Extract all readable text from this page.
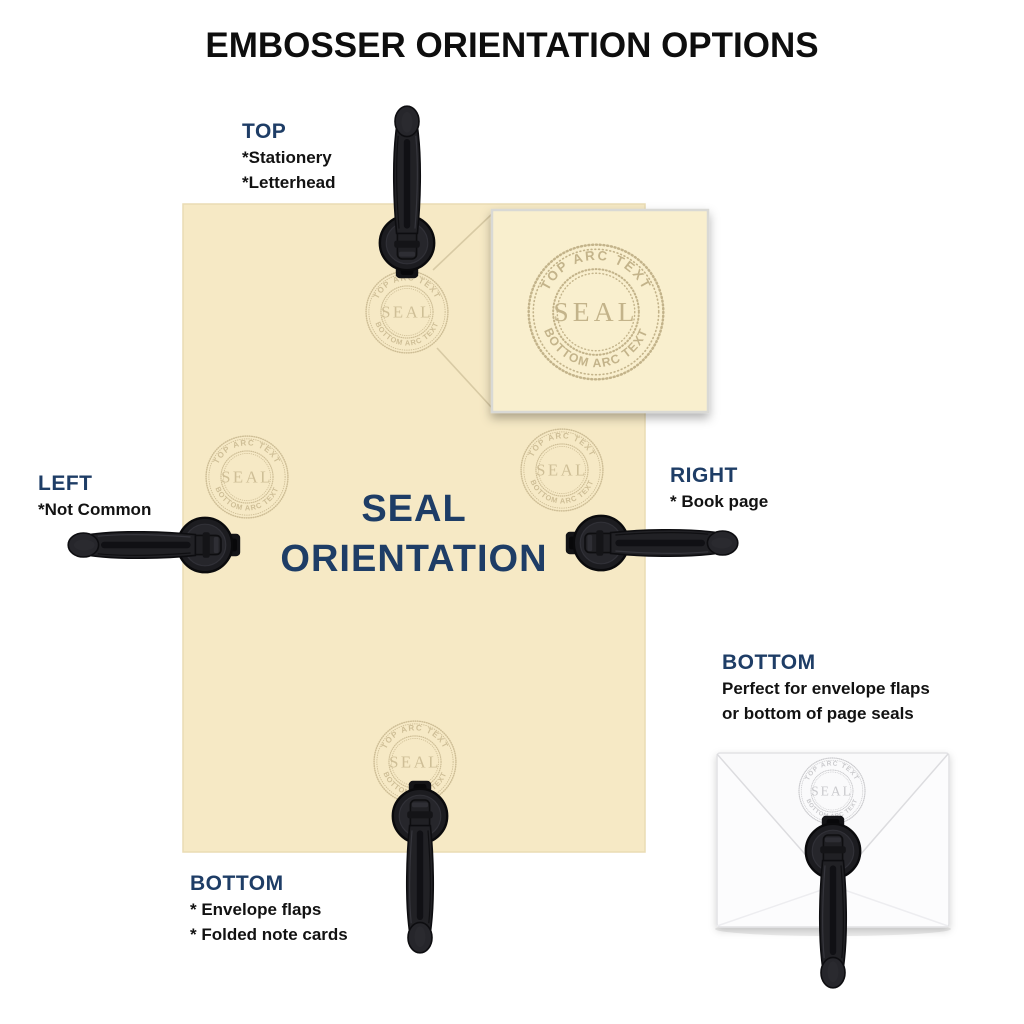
TOP ARC TEXT
BOTTOM ARC TEXT
SEAL
EMBOSSER ORIENTATION OPTIONS
SEAL
ORIENTATION
TOP
*Stationery
*Letterhead
LEFT
*Not Common
RIGHT
* Book page
BOTTOM
* Envelope flaps
* Folded note cards
BOTTOM
Perfect for envelope flaps
or bottom of page seals
